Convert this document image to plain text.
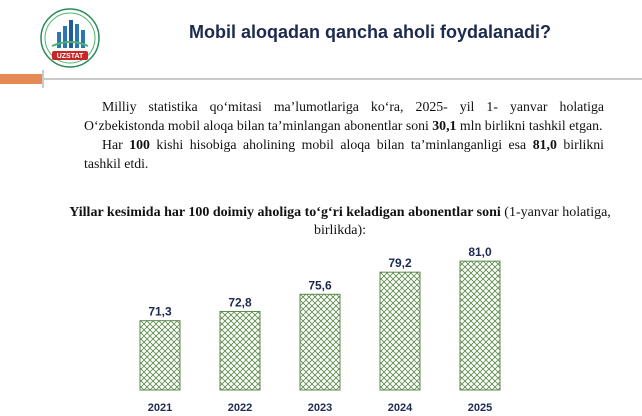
UZSTAT
Mobil aloqadan qancha aholi foydalanadi?

Milliy statistika qo‘mitasi ma’lumotlariga ko‘ra, 2025- yil 1- yanvar holatiga O‘zbekistonda mobil aloqa bilan ta’minlangan abonentlar soni 30,1 mln birlikni tashkil etgan.

Har 100 kishi hisobiga aholining mobil aloqa bilan ta’minlanganligi esa 81,0 birlikni tashkil etdi.

Yillar kesimida har 100 doimiy aholiga to‘g‘ri keladigan abonentlar soni (1-yanvar holatiga, birlikda):
71,3
2021
72,8
2022
75,6
2023
79,2
2024
81,0
2025
